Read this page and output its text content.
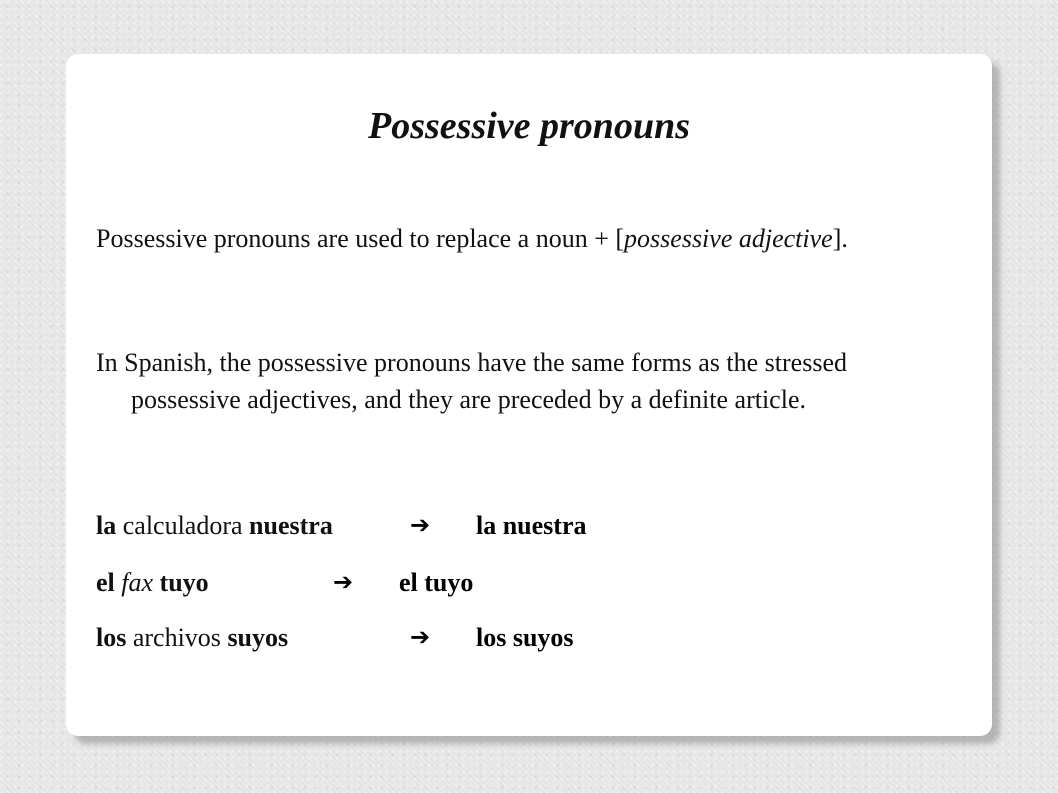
Possessive pronouns

Possessive pronouns are used to replace a noun + [possessive adjective].

In Spanish, the possessive pronouns have the same forms as the stressed possessive adjectives, and they are preceded by a definite article.

la calculadora nuestra	➔ la nuestra

el fax tuyo	➔ el tuyo

los archivos suyos	➔ los suyos
